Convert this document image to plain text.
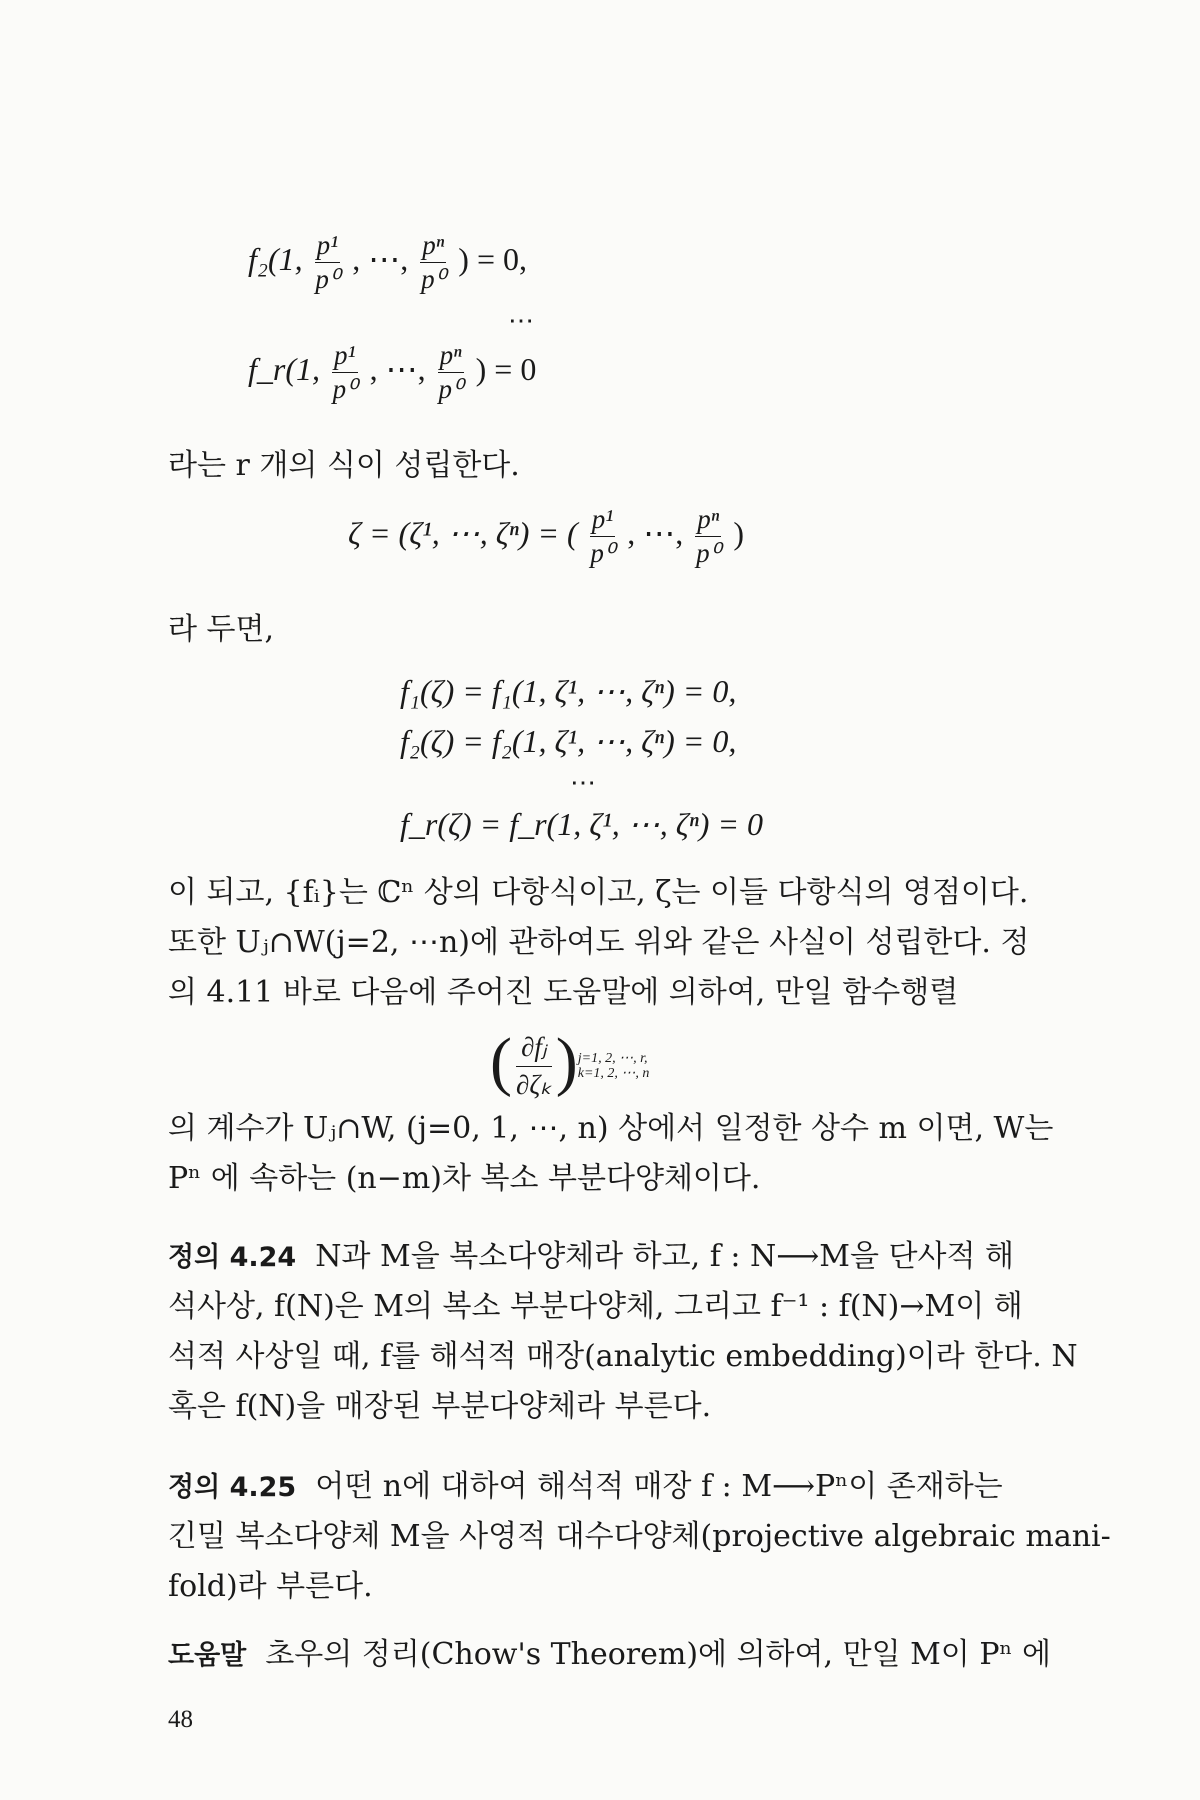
f₂(1, $\frac{\text{p¹}}{\text{p⁰}}$ , ⋯, $\frac{\text{pⁿ}}{\text{p⁰}}$ ) = 0,
⋯
f_r(1, $\frac{\text{p¹}}{\text{p⁰}}$ , ⋯, $\frac{\text{pⁿ}}{\text{p⁰}}$ ) = 0
라는 r 개의 식이 성립한다.
ζ = (ζ¹, ⋯, ζⁿ) = ( $\frac{\text{p¹}}{\text{p⁰}}$ , ⋯, $\frac{\text{pⁿ}}{\text{p⁰}}$ )
라 두면,
f₁(ζ) = f₁(1, ζ¹, ⋯, ζⁿ) = 0,
f₂(ζ) = f₂(1, ζ¹, ⋯, ζⁿ) = 0,
⋯
f_r(ζ) = f_r(1, ζ¹, ⋯, ζⁿ) = 0
이 되고, {fᵢ}는 ℂⁿ 상의 다항식이고, ζ는 이들 다항식의 영점이다.
또한 Uⱼ∩W(j=2, ⋯n)에 관하여도 위와 같은 사실이 성립한다. 정
의 4.11 바로 다음에 주어진 도움말에 의하여, 만일 함수행렬
( $\frac{\text{∂fⱼ}}{\text{∂ζₖ}} )j=1$, 2, ⋯, r,
k=1, 2, ⋯, n
의 계수가 Uⱼ∩W, (j=0, 1, ⋯, n) 상에서 일정한 상수 m 이면, W는
Pⁿ 에 속하는 (n−m)차 복소 부분다양체이다.
정의 4.24 N과 M을 복소다양체라 하고, f : N⟶M을 단사적 해
석사상, f(N)은 M의 복소 부분다양체, 그리고 f⁻¹ : f(N)→M이 해
석적 사상일 때, f를 해석적 매장(analytic embedding)이라 한다. N
혹은 f(N)을 매장된 부분다양체라 부른다.
정의 4.25 어떤 n에 대하여 해석적 매장 f : M⟶Pⁿ이 존재하는
긴밀 복소다양체 M을 사영적 대수다양체(projective algebraic mani-
fold)라 부른다.
도움말 초우의 정리(Chow's Theorem)에 의하여, 만일 M이 Pⁿ 에
48
